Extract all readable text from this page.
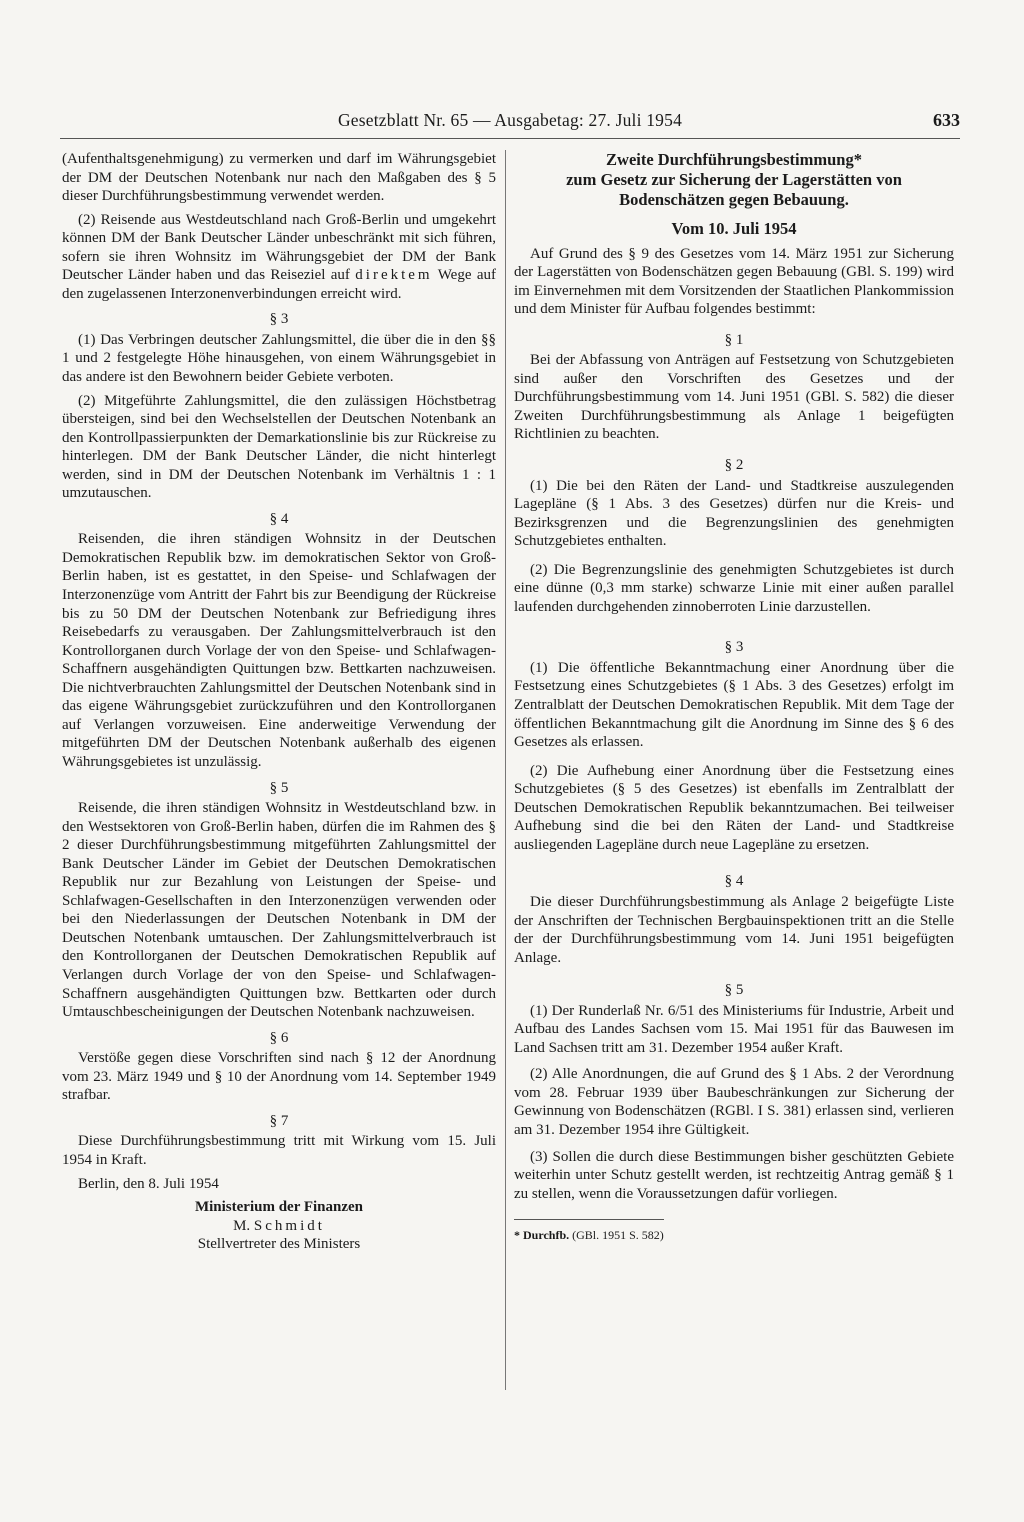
Gesetzblatt Nr. 65 — Ausgabetag: 27. Juli 1954	633

(Aufenthaltsgenehmigung) zu vermerken und darf im Währungsgebiet der DM der Deutschen Notenbank nur nach den Maßgaben des § 5 dieser Durchführungsbestimmung verwendet werden.

(2) Reisende aus Westdeutschland nach Groß-Berlin und umgekehrt können DM der Bank Deutscher Länder unbeschränkt mit sich führen, sofern sie ihren Wohnsitz im Währungsgebiet der DM der Bank Deutscher Länder haben und das Reiseziel auf direktem Wege auf den zugelassenen Interzonenverbindungen erreicht wird.

§ 3

(1) Das Verbringen deutscher Zahlungsmittel, die über die in den §§ 1 und 2 festgelegte Höhe hinausgehen, von einem Währungsgebiet in das andere ist den Bewohnern beider Gebiete verboten.

(2) Mitgeführte Zahlungsmittel, die den zulässigen Höchstbetrag übersteigen, sind bei den Wechselstellen der Deutschen Notenbank an den Kontrollpassierpunkten der Demarkationslinie bis zur Rückreise zu hinterlegen. DM der Bank Deutscher Länder, die nicht hinterlegt werden, sind in DM der Deutschen Notenbank im Verhältnis 1 : 1 umzutauschen.

§ 4

Reisenden, die ihren ständigen Wohnsitz in der Deutschen Demokratischen Republik bzw. im demokratischen Sektor von Groß-Berlin haben, ist es gestattet, in den Speise- und Schlafwagen der Interzonenzüge vom Antritt der Fahrt bis zur Beendigung der Rückreise bis zu 50 DM der Deutschen Notenbank zur Befriedigung ihres Reisebedarfs zu verausgaben. Der Zahlungsmittelverbrauch ist den Kontrollorganen durch Vorlage der von den Speise- und Schlafwagen-Schaffnern ausgehändigten Quittungen bzw. Bettkarten nachzuweisen. Die nichtverbrauchten Zahlungsmittel der Deutschen Notenbank sind in das eigene Währungsgebiet zurückzuführen und den Kontrollorganen auf Verlangen vorzuweisen. Eine anderweitige Verwendung der mitgeführten DM der Deutschen Notenbank außerhalb des eigenen Währungsgebietes ist unzulässig.

§ 5

Reisende, die ihren ständigen Wohnsitz in Westdeutschland bzw. in den Westsektoren von Groß-Berlin haben, dürfen die im Rahmen des § 2 dieser Durchführungsbestimmung mitgeführten Zahlungsmittel der Bank Deutscher Länder im Gebiet der Deutschen Demokratischen Republik nur zur Bezahlung von Leistungen der Speise- und Schlafwagen-Gesellschaften in den Interzonenzügen verwenden oder bei den Niederlassungen der Deutschen Notenbank in DM der Deutschen Notenbank umtauschen. Der Zahlungsmittelverbrauch ist den Kontrollorganen der Deutschen Demokratischen Republik auf Verlangen durch Vorlage der von den Speise- und Schlafwagen-Schaffnern ausgehändigten Quittungen bzw. Bettkarten oder durch Umtauschbescheinigungen der Deutschen Notenbank nachzuweisen.

§ 6

Verstöße gegen diese Vorschriften sind nach § 12 der Anordnung vom 23. März 1949 und § 10 der Anordnung vom 14. September 1949 strafbar.

§ 7

Diese Durchführungsbestimmung tritt mit Wirkung vom 15. Juli 1954 in Kraft.

Berlin, den 8. Juli 1954

Ministerium der Finanzen

M. Schmidt

Stellvertreter des Ministers

Zweite Durchführungsbestimmung*

zum Gesetz zur Sicherung der Lagerstätten von

Bodenschätzen gegen Bebauung.

Vom 10. Juli 1954

Auf Grund des § 9 des Gesetzes vom 14. März 1951 zur Sicherung der Lagerstätten von Bodenschätzen gegen Bebauung (GBl. S. 199) wird im Einvernehmen mit dem Vorsitzenden der Staatlichen Plankommission und dem Minister für Aufbau folgendes bestimmt:

§ 1

Bei der Abfassung von Anträgen auf Festsetzung von Schutzgebieten sind außer den Vorschriften des Gesetzes und der Durchführungsbestimmung vom 14. Juni 1951 (GBl. S. 582) die dieser Zweiten Durchführungsbestimmung als Anlage 1 beigefügten Richtlinien zu beachten.

§ 2

(1) Die bei den Räten der Land- und Stadtkreise auszulegenden Lagepläne (§ 1 Abs. 3 des Gesetzes) dürfen nur die Kreis- und Bezirksgrenzen und die Begrenzungslinien des genehmigten Schutzgebietes enthalten.

(2) Die Begrenzungslinie des genehmigten Schutzgebietes ist durch eine dünne (0,3 mm starke) schwarze Linie mit einer außen parallel laufenden durchgehenden zinnoberroten Linie darzustellen.

§ 3

(1) Die öffentliche Bekanntmachung einer Anordnung über die Festsetzung eines Schutzgebietes (§ 1 Abs. 3 des Gesetzes) erfolgt im Zentralblatt der Deutschen Demokratischen Republik. Mit dem Tage der öffentlichen Bekanntmachung gilt die Anordnung im Sinne des § 6 des Gesetzes als erlassen.

(2) Die Aufhebung einer Anordnung über die Festsetzung eines Schutzgebietes (§ 5 des Gesetzes) ist ebenfalls im Zentralblatt der Deutschen Demokratischen Republik bekanntzumachen. Bei teilweiser Aufhebung sind die bei den Räten der Land- und Stadtkreise ausliegenden Lagepläne durch neue Lagepläne zu ersetzen.

§ 4

Die dieser Durchführungsbestimmung als Anlage 2 beigefügte Liste der Anschriften der Technischen Bergbauinspektionen tritt an die Stelle der der Durchführungsbestimmung vom 14. Juni 1951 beigefügten Anlage.

§ 5

(1) Der Runderlaß Nr. 6/51 des Ministeriums für Industrie, Arbeit und Aufbau des Landes Sachsen vom 15. Mai 1951 für das Bauwesen im Land Sachsen tritt am 31. Dezember 1954 außer Kraft.

(2) Alle Anordnungen, die auf Grund des § 1 Abs. 2 der Verordnung vom 28. Februar 1939 über Baubeschränkungen zur Sicherung der Gewinnung von Bodenschätzen (RGBl. I S. 381) erlassen sind, verlieren am 31. Dezember 1954 ihre Gültigkeit.

(3) Sollen die durch diese Bestimmungen bisher geschützten Gebiete weiterhin unter Schutz gestellt werden, ist rechtzeitig Antrag gemäß § 1 zu stellen, wenn die Voraussetzungen dafür vorliegen.

* Durchfb. (GBl. 1951 S. 582)
